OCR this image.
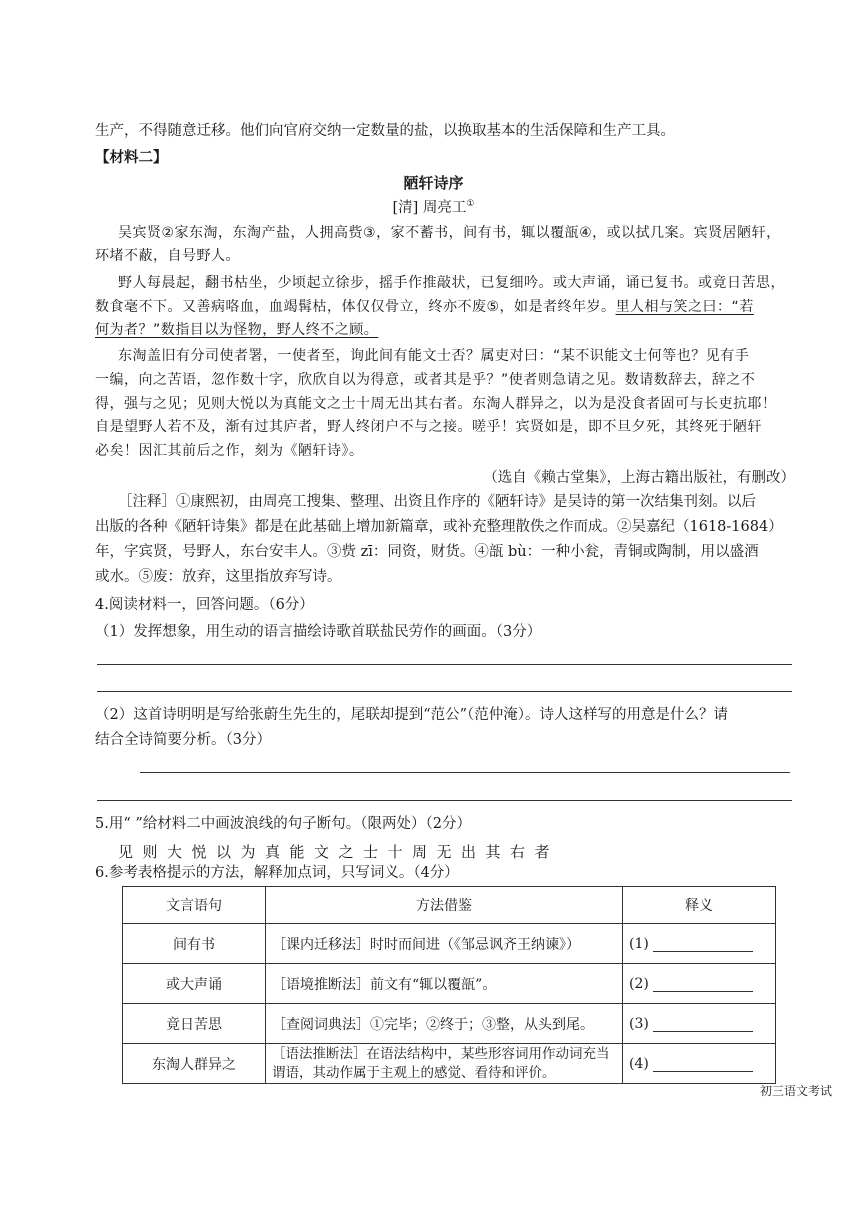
生产，不得随意迁移。他们向官府交纳一定数量的盐，以换取基本的生活保障和生产工具。
【材料二】
陋轩诗序
[清] 周亮工①
吴宾贤②家东淘，东淘产盐，人拥高赀③，家不蓄书，间有书，辄以覆瓿④，或以拭几案。宾贤居陋轩，
环堵不蔽，自号野人。
野人每晨起，翻书枯坐，少顷起立徐步，摇手作推敲状，已复细吟。或大声诵，诵已复书。或竟日苦思，
数食毫不下。又善病咯血，血竭髯枯，体仅仅骨立，终亦不废⑤，如是者终年岁。里人相与笑之曰：“若
何为者？”数指目以为怪物，野人终不之顾。
东淘盖旧有分司使者署，一使者至，询此间有能文士否？属吏对曰：“某不识能文士何等也？见有手
一编，向之苦语，忽作数十字，欣欣自以为得意，或者其是乎？”使者则急请之见。数请数辞去，辞之不
得，强与之见；见则大悦以为真能文之士十周无出其右者。东淘人群异之，以为是没食者固可与长吏抗耶！
自是望野人若不及，渐有过其庐者，野人终闭户不与之接。嗟乎！宾贤如是，即不旦夕死，其终死于陋轩
必矣！因汇其前后之作，刻为《陋轩诗》。
（选自《赖古堂集》，上海古籍出版社，有删改）
［注释］①康熙初，由周亮工搜集、整理、出资且作序的《陋轩诗》是吴诗的第一次结集刊刻。以后
出版的各种《陋轩诗集》都是在此基础上增加新篇章，或补充整理散佚之作而成。②吴嘉纪（1618-1684）
年，字宾贤，号野人，东台安丰人。③赀 zī：同资，财货。④瓿 bù：一种小瓮，青铜或陶制，用以盛酒
或水。⑤废：放弃，这里指放弃写诗。
4.阅读材料一，回答问题。（6分）
（1）发挥想象，用生动的语言描绘诗歌首联盐民劳作的画面。（3分）
（2）这首诗明明是写给张蔚生先生的，尾联却提到“范公”（范仲淹）。诗人这样写的用意是什么？请
结合全诗简要分析。（3分）
5.用“ ”给材料二中画波浪线的句子断句。（限两处）（2分）
见则大悦以为真能文之士十周无出其右者
6.参考表格提示的方法，解释加点词，只写词义。（4分）
文言语句	方法借鉴	释义
间有书	［课内迁移法］时时而间进（《邹忌讽齐王纳谏》）	(1)
或大声诵	［语境推断法］前文有“辄以覆瓿”。	(2)
竟日苦思	［查阅词典法］①完毕；②终于；③整，从头到尾。	(3)
东淘人群异之	［语法推断法］在语法结构中，某些形容词用作动词充当谓语，其动作属于主观上的感觉、看待和评价。	(4)
初三语文考试
